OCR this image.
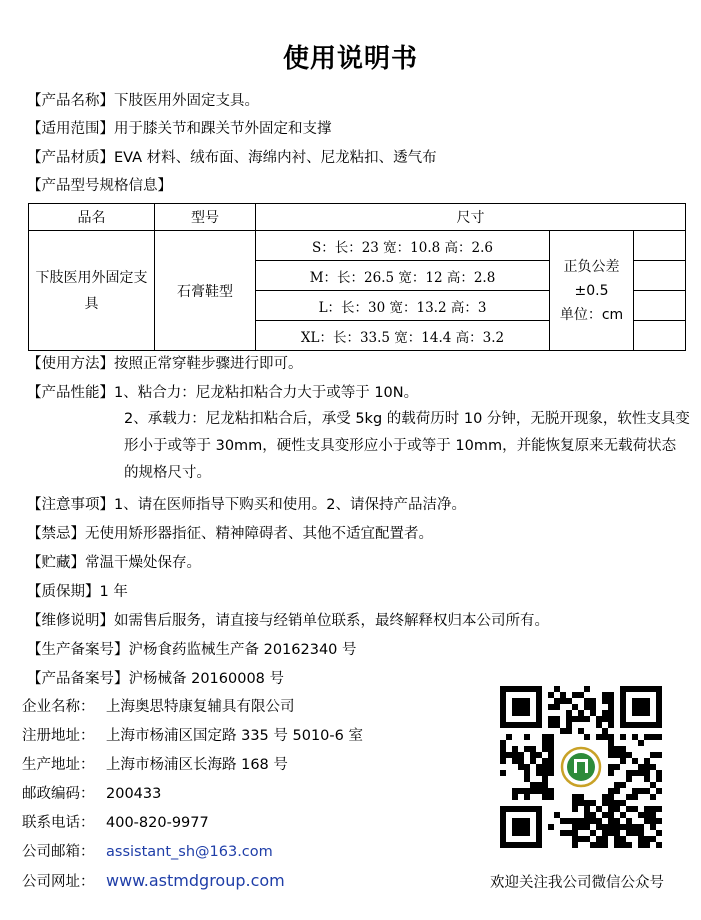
使用说明书
【产品名称】下肢医用外固定支具。
【适用范围】用于膝关节和踝关节外固定和支撑
【产品材质】EVA 材料、绒布面、海绵内衬、尼龙粘扣、透气布
【产品型号规格信息】
品名	型号	尺寸		
下肢医用外固定支具	石膏鞋型	S：长：23 宽：10.8 高：2.6	正负公差
±0.5
单位：cm	

		M：长：26.5 宽：12 高：2.8		
		L：长：30 宽：13.2 高：3		
		XL：长：33.5 宽：14.4 高：3.2		
【使用方法】按照正常穿鞋步骤进行即可。
【产品性能】1、粘合力：尼龙粘扣粘合力大于或等于 10N。
2、承载力：尼龙粘扣粘合后，承受 5kg 的载荷历时 10 分钟，无脱开现象，软性支具变形小于或等于 30mm，硬性支具变形应小于或等于 10mm，并能恢复原来无载荷状态的规格尺寸。
【注意事项】1、请在医师指导下购买和使用。2、请保持产品洁净。
【禁忌】无使用矫形器指征、精神障碍者、其他不适宜配置者。
【贮藏】常温干燥处保存。
【质保期】1 年
【维修说明】如需售后服务，请直接与经销单位联系，最终解释权归本公司所有。
【生产备案号】沪杨食药监械生产备 20162340 号
【产品备案号】沪杨械备 20160008 号
企业名称： 上海奥思特康复辅具有限公司
注册地址： 上海市杨浦区国定路 335 号 5010-6 室
生产地址： 上海市杨浦区长海路 168 号
邮政编码： 200433
联系电话： 400-820-9977
公司邮箱： assistant_sh@163.com
公司网址： www.astmdgroup.com	欢迎关注我公司微信公众号
